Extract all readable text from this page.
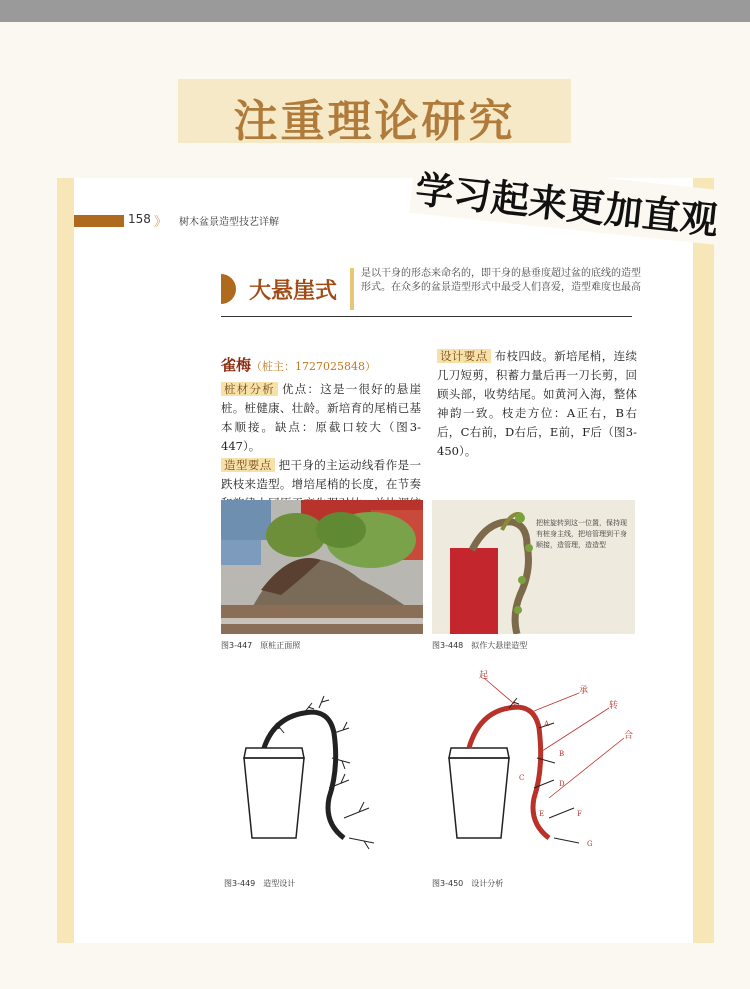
注重理论研究
158 》 树木盆景造型技艺详解
大悬崖式
是以干身的形态来命名的，即干身的悬垂度超过盆的底线的造型形式。在众多的盆景造型形式中最受人们喜爱，造型难度也最高
雀梅（桩主：1727025848）
桩材分析 优点：这是一很好的悬崖桩。桩健康、壮龄。新培育的尾梢已基本顺接。缺点：原截口较大（图3-447）。
造型要点 把干身的主运动线看作是一跌枝来造型。增培尾梢的长度，在节奏
设计要点 布枝四歧。新培尾梢，连续几刀短剪，积蓄力量后再一刀长剪，回顾头部，收势结尾。如黄河入海，整体神韵一致。枝走方位：A正右，B右后，C右前，D右后，E前，F后（图3-450）。
把桩旋转到这一位置，保持现有桩身主线，把培管理到干身顺接，造管理，造造型
图3-447　原桩正面照	图3-448　拟作大悬崖造型
起
承
转
合
A
B
C
D
E	F
G
图3-449　造型设计	图3-450　设计分析
学习起来更加直观
